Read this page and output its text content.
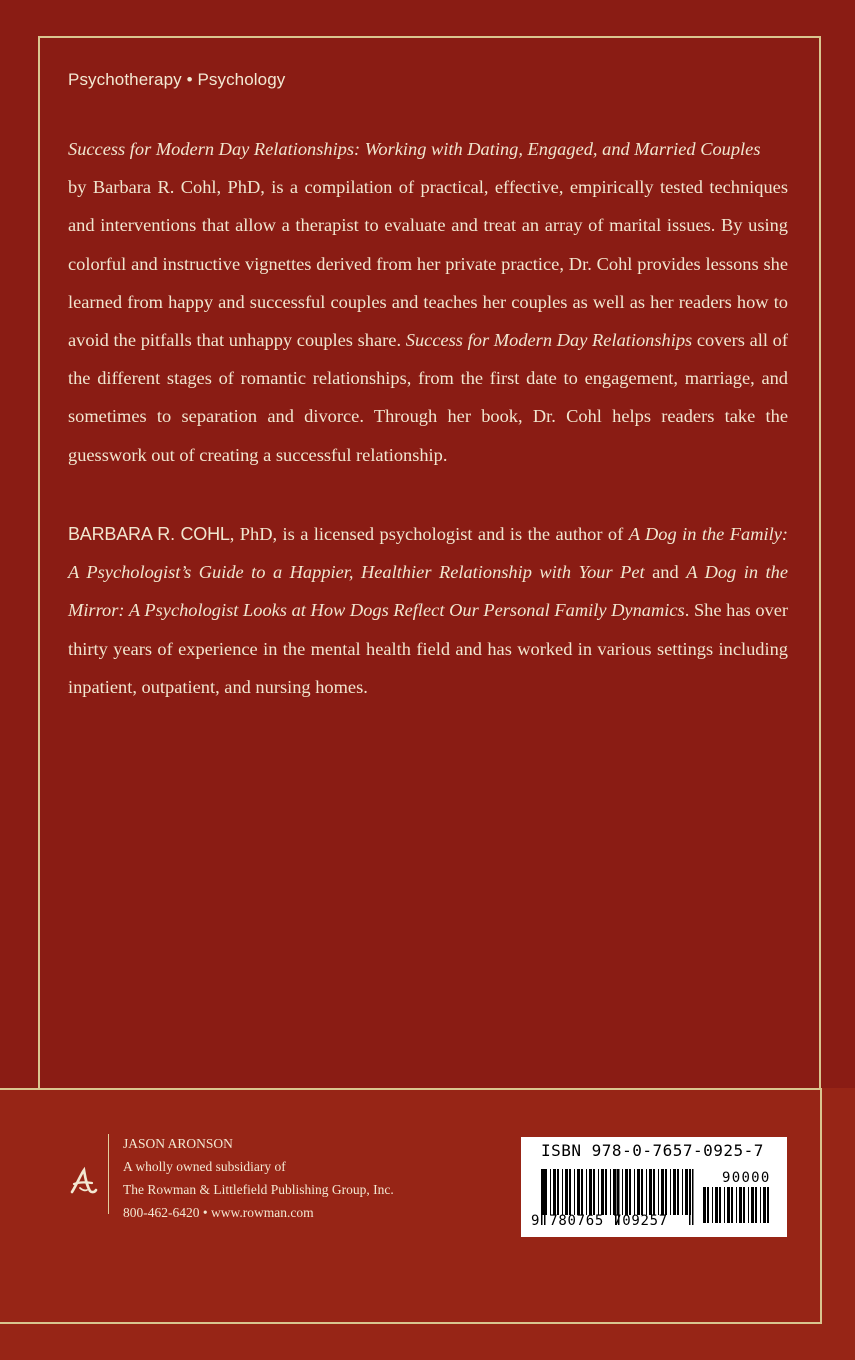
Psychotherapy • Psychology
Success for Modern Day Relationships: Working with Dating, Engaged, and Married Couples
by Barbara R. Cohl, PhD, is a compilation of practical, effective, empirically tested techniques and interventions that allow a therapist to evaluate and treat an array of marital issues. By using colorful and instructive vignettes derived from her private practice, Dr. Cohl provides lessons she learned from happy and successful couples and teaches her couples as well as her readers how to avoid the pitfalls that unhappy couples share. Success for Modern Day Relationships covers all of the different stages of romantic relationships, from the first date to engagement, marriage, and sometimes to separation and divorce. Through her book, Dr. Cohl helps readers take the guesswork out of creating a successful relationship.
BARBARA R. COHL, PhD, is a licensed psychologist and is the author of A Dog in the Family: A Psychologist’s Guide to a Happier, Healthier Relationship with Your Pet and A Dog in the Mirror: A Psychologist Looks at How Dogs Reflect Our Personal Family Dynamics. She has over thirty years of experience in the mental health field and has worked in various settings including inpatient, outpatient, and nursing homes.
JASON ARONSON
A wholly owned subsidiary of
The Rowman & Littlefield Publishing Group, Inc.
800-462-6420 • www.rowman.com
ISBN 978-0-7657-0925-7
9 780765 709257
90000
